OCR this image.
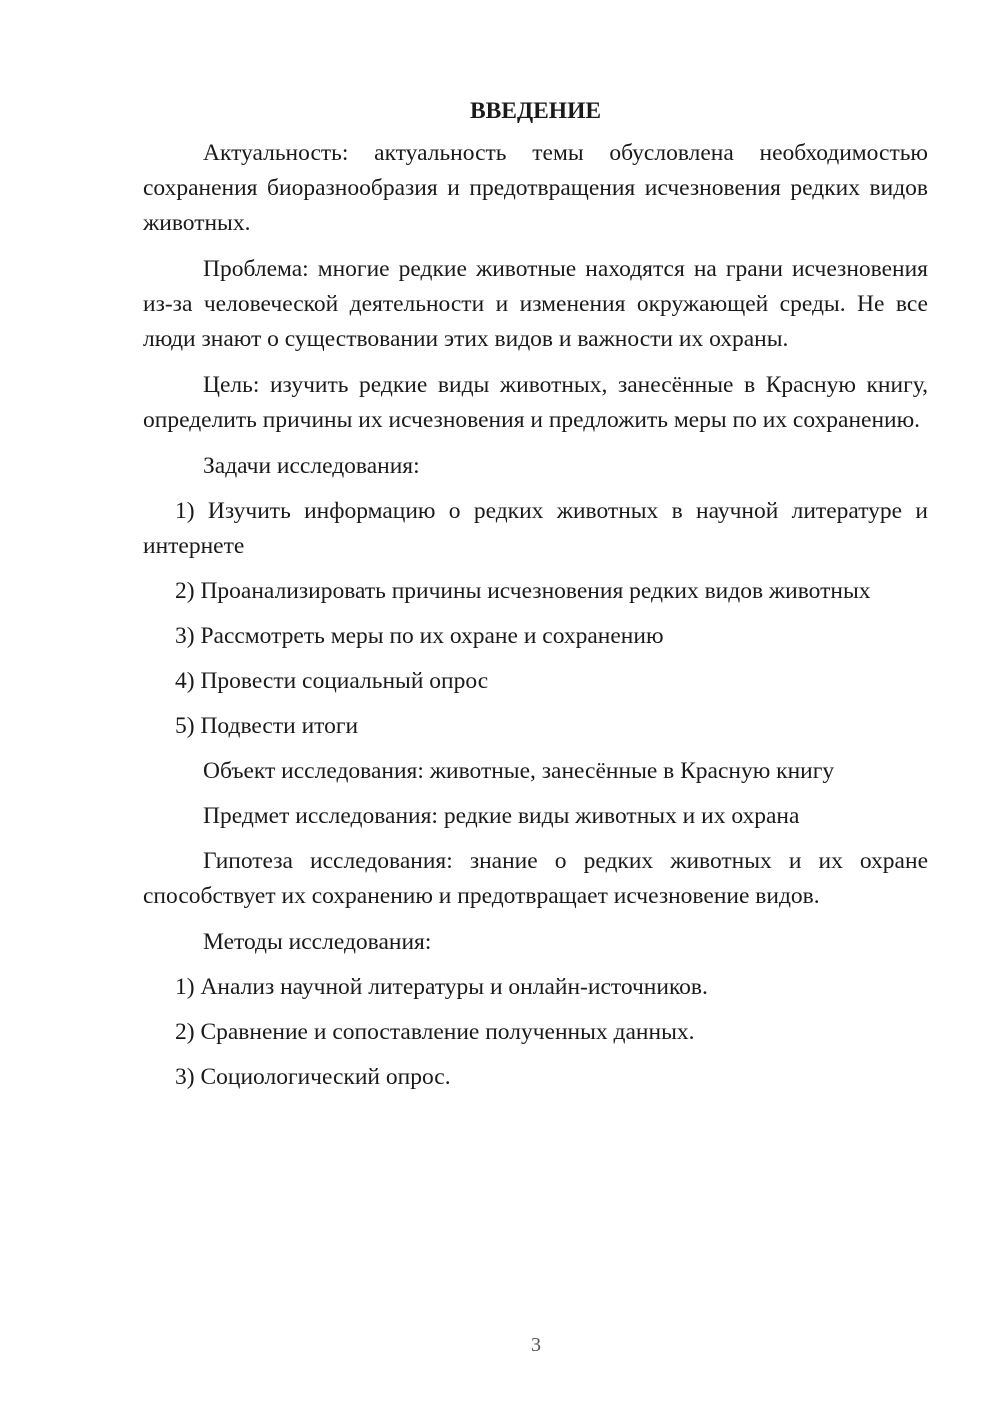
ВВЕДЕНИЕ

Актуальность: актуальность темы обусловлена необходимостью сохранения биоразнообразия и предотвращения исчезновения редких видов животных.

Проблема: многие редкие животные находятся на грани исчезновения из-за человеческой деятельности и изменения окружающей среды. Не все люди знают о существовании этих видов и важности их охраны.

Цель: изучить редкие виды животных, занесённые в Красную книгу, определить причины их исчезновения и предложить меры по их сохранению.

Задачи исследования:

1) Изучить информацию о редких животных в научной литературе и интернете

2) Проанализировать причины исчезновения редких видов животных

3) Рассмотреть меры по их охране и сохранению

4) Провести социальный опрос

5) Подвести итоги

Объект исследования: животные, занесённые в Красную книгу

Предмет исследования: редкие виды животных и их охрана

Гипотеза исследования: знание о редких животных и их охране способствует их сохранению и предотвращает исчезновение видов.

Методы исследования:

1) Анализ научной литературы и онлайн-источников.

2) Сравнение и сопоставление полученных данных.

3) Социологический опрос.

3
